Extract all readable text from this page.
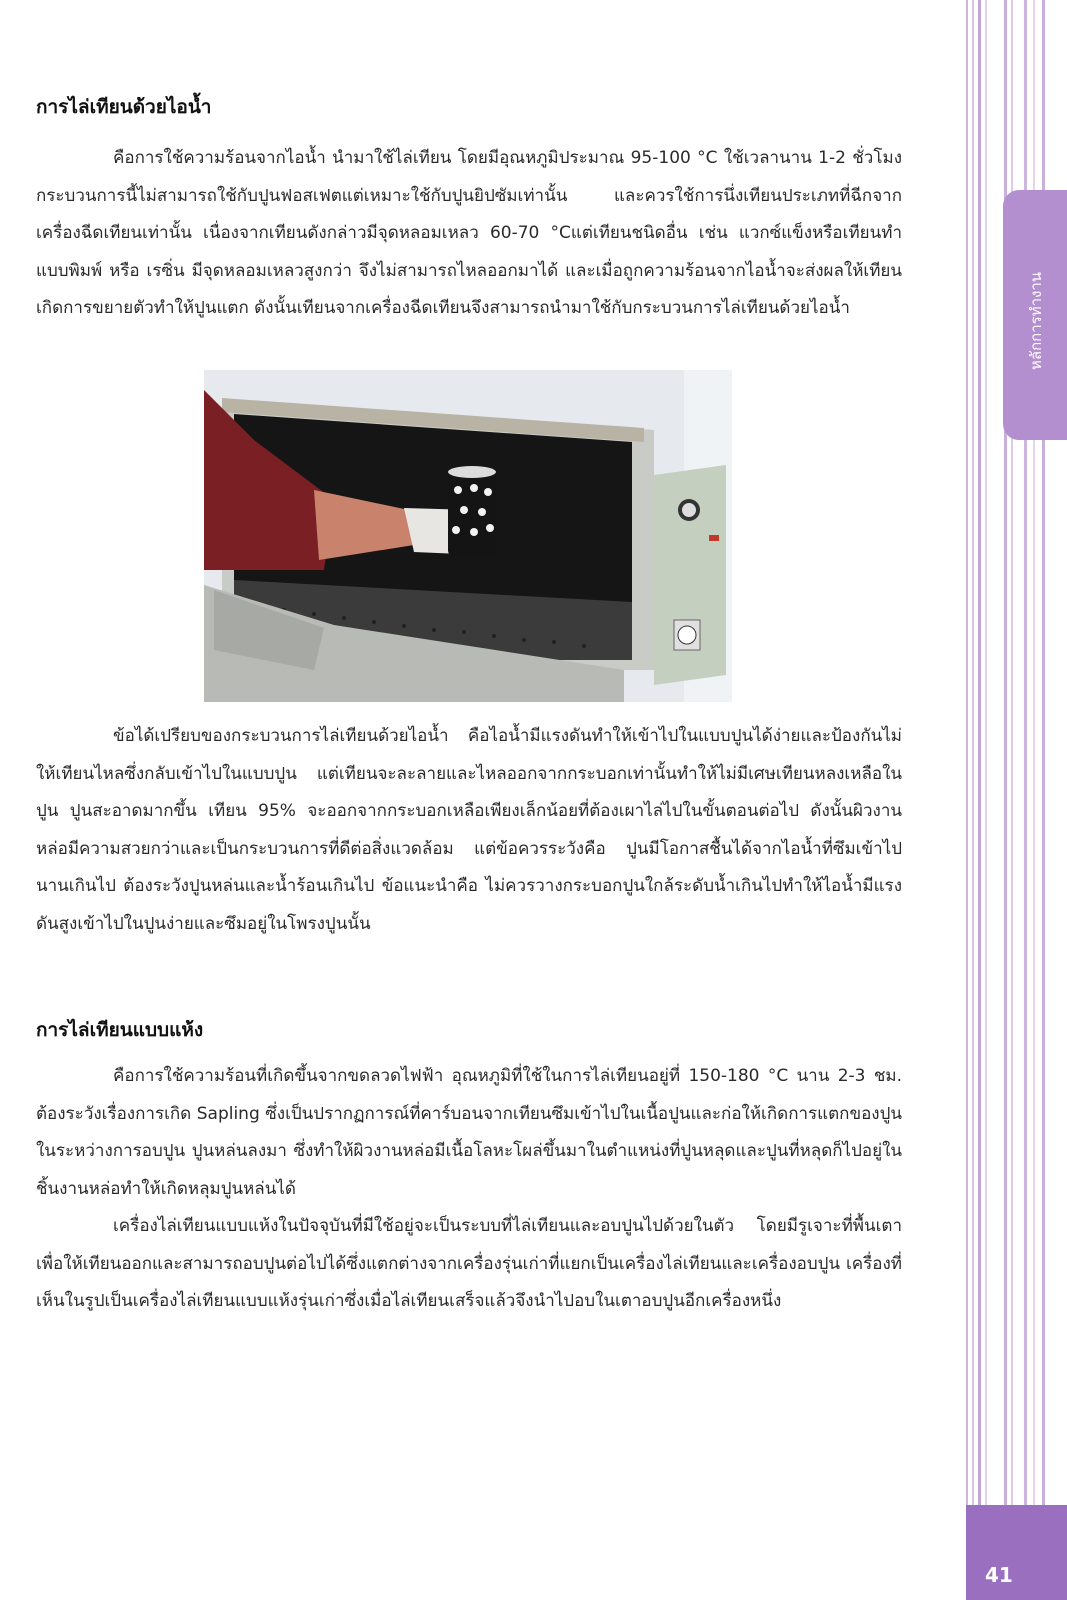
หลักการทำงาน
การไล่เทียนด้วยไอน้ำ

คือการใช้ความร้อนจากไอน้ำ นำมาใช้ไล่เทียน โดยมีอุณหภูมิประมาณ 95-100 °C ใช้เวลานาน 1-2 ชั่วโมง กระบวนการนี้ไม่สามารถใช้กับปูนฟอสเฟตแต่เหมาะใช้กับปูนยิปซัมเท่านั้น และควรใช้การนึ่งเทียนประเภทที่ฉีกจากเครื่องฉีดเทียนเท่านั้น เนื่องจากเทียนดังกล่าวมีจุดหลอมเหลว 60-70 °Cแต่เทียนชนิดอื่น เช่น แวกซ์แข็งหรือเทียนทำแบบพิมพ์ หรือ เรซิ่น มีจุดหลอมเหลวสูงกว่า จึงไม่สามารถไหลออกมาได้ และเมื่อถูกความร้อนจากไอน้ำจะส่งผลให้เทียนเกิดการขยายตัวทำให้ปูนแตก ดังนั้นเทียนจากเครื่องฉีดเทียนจึงสามารถนำมาใช้กับกระบวนการไล่เทียนด้วยไอน้ำ

ข้อได้เปรียบของกระบวนการไล่เทียนด้วยไอน้ำ คือไอน้ำมีแรงดันทำให้เข้าไปในแบบปูนได้ง่ายและป้องกันไม่ให้เทียนไหลซึ่งกลับเข้าไปในแบบปูน แต่เทียนจะละลายและไหลออกจากกระบอกเท่านั้นทำให้ไม่มีเศษเทียนหลงเหลือในปูน ปูนสะอาดมากขึ้น เทียน 95% จะออกจากกระบอกเหลือเพียงเล็กน้อยที่ต้องเผาไล่ไปในขั้นตอนต่อไป ดังนั้นผิวงานหล่อมีความสวยกว่าและเป็นกระบวนการที่ดีต่อสิ่งแวดล้อม แต่ข้อควรระวังคือ ปูนมีโอกาสชื้นได้จากไอน้ำที่ซึมเข้าไปนานเกินไป ต้องระวังปูนหล่นและน้ำร้อนเกินไป ข้อแนะนำคือ ไม่ควรวางกระบอกปูนใกล้ระดับน้ำเกินไปทำให้ไอน้ำมีแรงดันสูงเข้าไปในปูนง่ายและซึมอยู่ในโพรงปูนนั้น

การไล่เทียนแบบแห้ง

คือการใช้ความร้อนที่เกิดขึ้นจากขดลวดไฟฟ้า อุณหภูมิที่ใช้ในการไล่เทียนอยู่ที่ 150-180 °C นาน 2-3 ชม. ต้องระวังเรื่องการเกิด Sapling ซึ่งเป็นปรากฏการณ์ที่คาร์บอนจากเทียนซึมเข้าไปในเนื้อปูนและก่อให้เกิดการแตกของปูนในระหว่างการอบปูน ปูนหล่นลงมา ซึ่งทำให้ผิวงานหล่อมีเนื้อโลหะโผล่ขึ้นมาในตำแหน่งที่ปูนหลุดและปูนที่หลุดก็ไปอยู่ในชิ้นงานหล่อทำให้เกิดหลุมปูนหล่นได้

เครื่องไล่เทียนแบบแห้งในปัจจุบันที่มีใช้อยู่จะเป็นระบบที่ไล่เทียนและอบปูนไปด้วยในตัว โดยมีรูเจาะที่พื้นเตาเพื่อให้เทียนออกและสามารถอบปูนต่อไปได้ซึ่งแตกต่างจากเครื่องรุ่นเก่าที่แยกเป็นเครื่องไล่เทียนและเครื่องอบปูน เครื่องที่เห็นในรูปเป็นเครื่องไล่เทียนแบบแห้งรุ่นเก่าซึ่งเมื่อไล่เทียนเสร็จแล้วจึงนำไปอบในเตาอบปูนอีกเครื่องหนึ่ง

41
